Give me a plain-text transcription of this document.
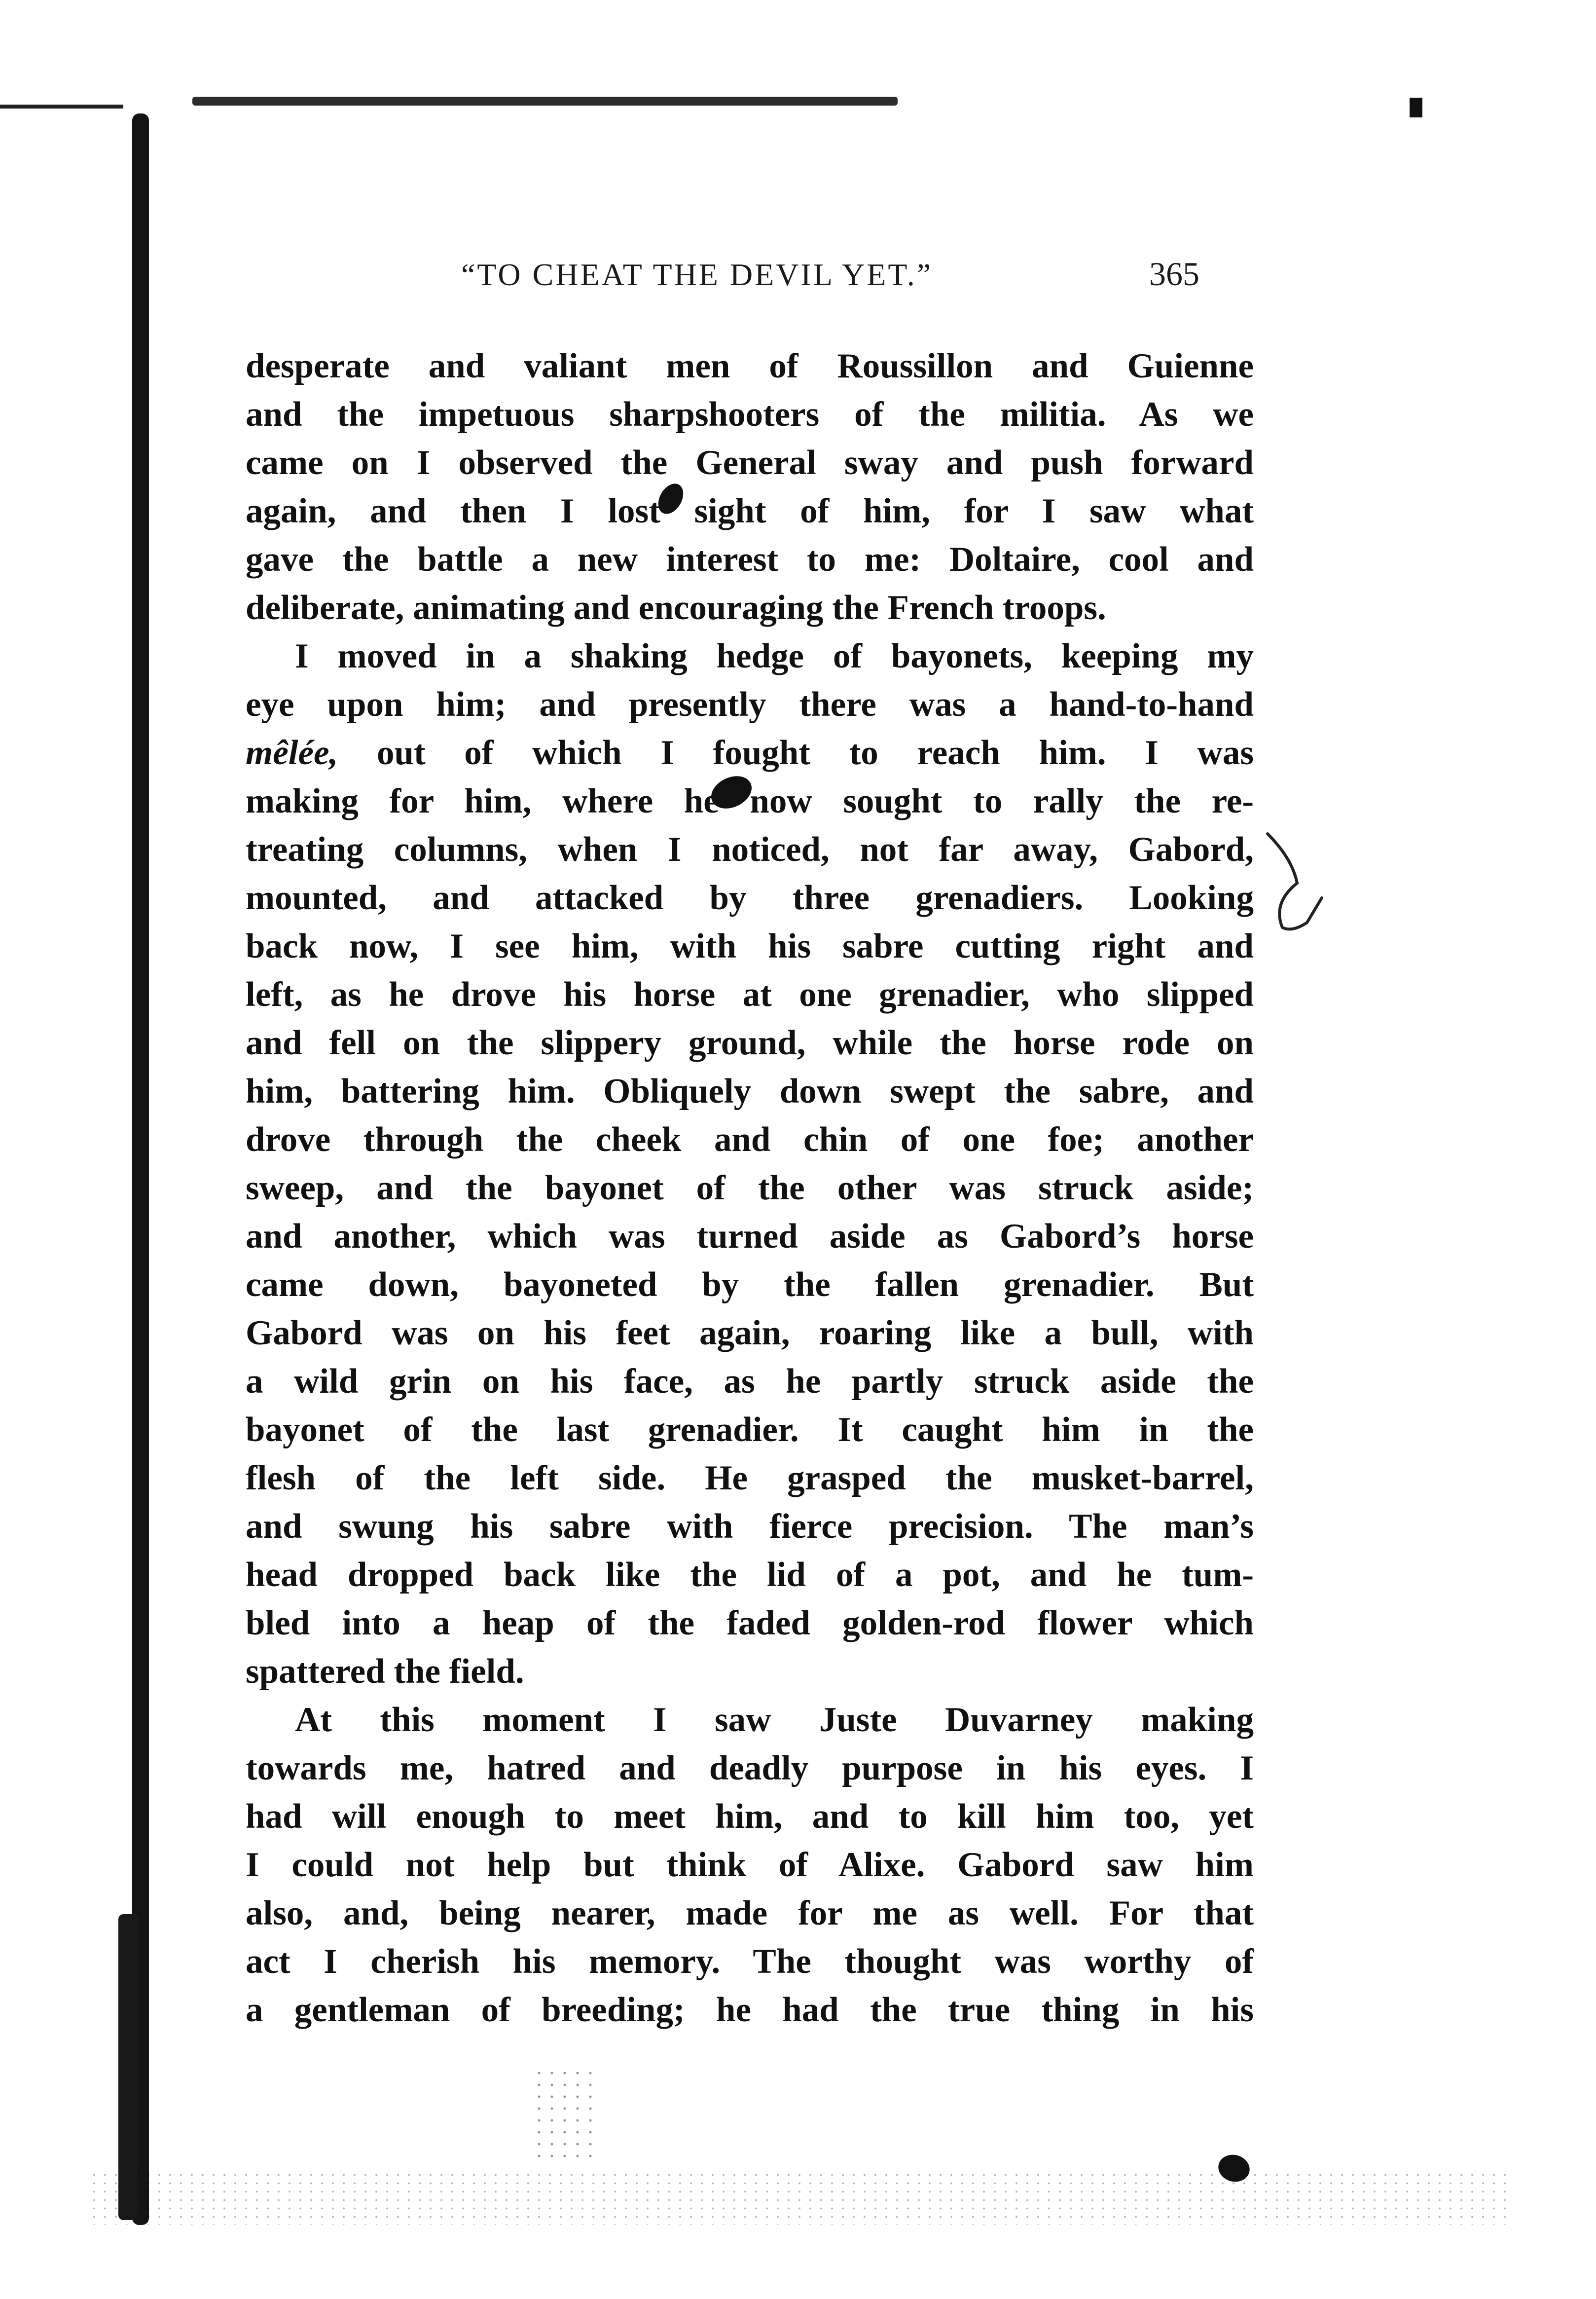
“TO CHEAT THE DEVIL YET.”	365
desperate and valiant men of Roussillon and Guienne
and the impetuous sharpshooters of the militia. As we
came on I observed the General sway and push forward
again, and then I lost sight of him, for I saw what
gave the battle a new interest to me: Doltaire, cool and
deliberate, animating and encouraging the French troops.
I moved in a shaking hedge of bayonets, keeping my
eye upon him; and presently there was a hand-to-hand
mêlée, out of which I fought to reach him. I was
making for him, where he now sought to rally the re-
treating columns, when I noticed, not far away, Gabord,
mounted, and attacked by three grenadiers. Looking
back now, I see him, with his sabre cutting right and
left, as he drove his horse at one grenadier, who slipped
and fell on the slippery ground, while the horse rode on
him, battering him. Obliquely down swept the sabre, and
drove through the cheek and chin of one foe; another
sweep, and the bayonet of the other was struck aside;
and another, which was turned aside as Gabord’s horse
came down, bayoneted by the fallen grenadier. But
Gabord was on his feet again, roaring like a bull, with
a wild grin on his face, as he partly struck aside the
bayonet of the last grenadier. It caught him in the
flesh of the left side. He grasped the musket-barrel,
and swung his sabre with fierce precision. The man’s
head dropped back like the lid of a pot, and he tum-
bled into a heap of the faded golden-rod flower which
spattered the field.
At this moment I saw Juste Duvarney making
towards me, hatred and deadly purpose in his eyes. I
had will enough to meet him, and to kill him too, yet
I could not help but think of Alixe. Gabord saw him
also, and, being nearer, made for me as well. For that
act I cherish his memory. The thought was worthy of
a gentleman of breeding; he had the true thing in his
